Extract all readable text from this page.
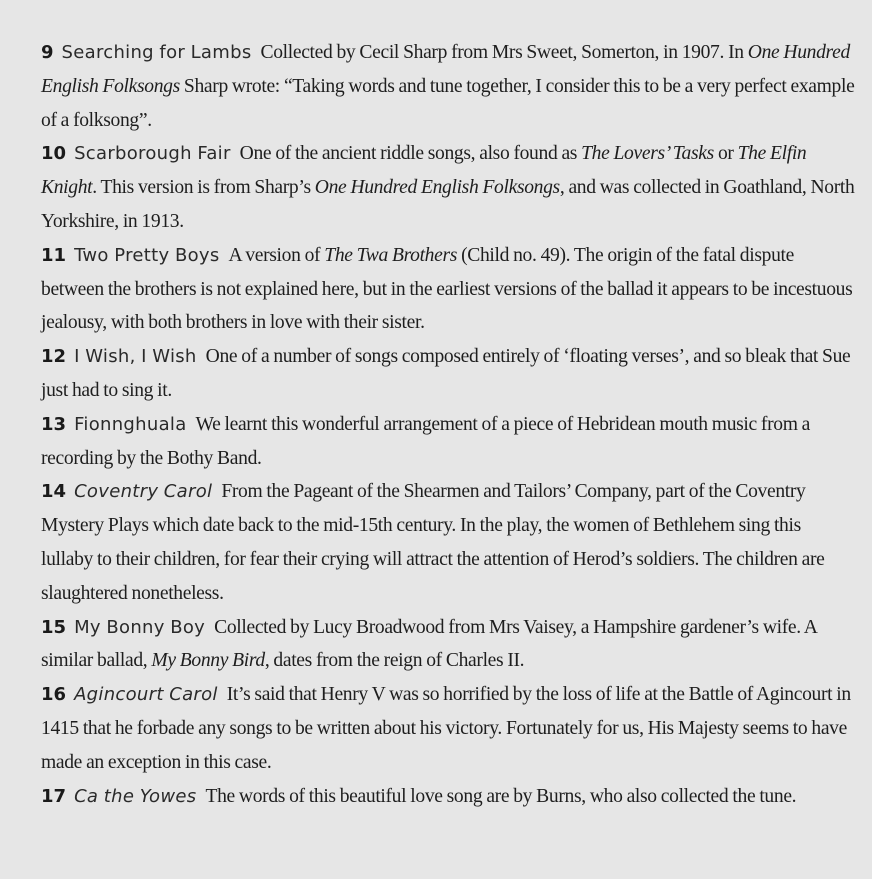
9 Searching for Lambs Collected by Cecil Sharp from Mrs Sweet, Somerton, in 1907. In One Hundred English Folksongs Sharp wrote: “Taking words and tune together, I consider this to be a very perfect example of a folksong”.

10 Scarborough Fair One of the ancient riddle songs, also found as The Lovers’ Tasks or The Elfin Knight. This version is from Sharp’s One Hundred English Folksongs, and was collected in Goathland, North Yorkshire, in 1913.

11 Two Pretty Boys A version of The Twa Brothers (Child no. 49). The origin of the fatal dispute between the brothers is not explained here, but in the earliest versions of the ballad it appears to be incestuous jealousy, with both brothers in love with their sister.

12 I Wish, I Wish One of a number of songs composed entirely of ‘floating verses’, and so bleak that Sue just had to sing it.

13 Fionnghuala We learnt this wonderful arrangement of a piece of Hebridean mouth music from a recording by the Bothy Band.

14 Coventry Carol From the Pageant of the Shearmen and Tailors’ Company, part of the Coventry Mystery Plays which date back to the mid-15th century. In the play, the women of Bethlehem sing this lullaby to their children, for fear their crying will attract the attention of Herod’s soldiers. The children are slaughtered nonetheless.

15 My Bonny Boy Collected by Lucy Broadwood from Mrs Vaisey, a Hampshire gardener’s wife. A similar ballad, My Bonny Bird, dates from the reign of Charles II.

16 Agincourt Carol It’s said that Henry V was so horrified by the loss of life at the Battle of Agincourt in 1415 that he forbade any songs to be written about his victory. Fortunately for us, His Majesty seems to have made an exception in this case.

17 Ca the Yowes The words of this beautiful love song are by Burns, who also collected the tune.
